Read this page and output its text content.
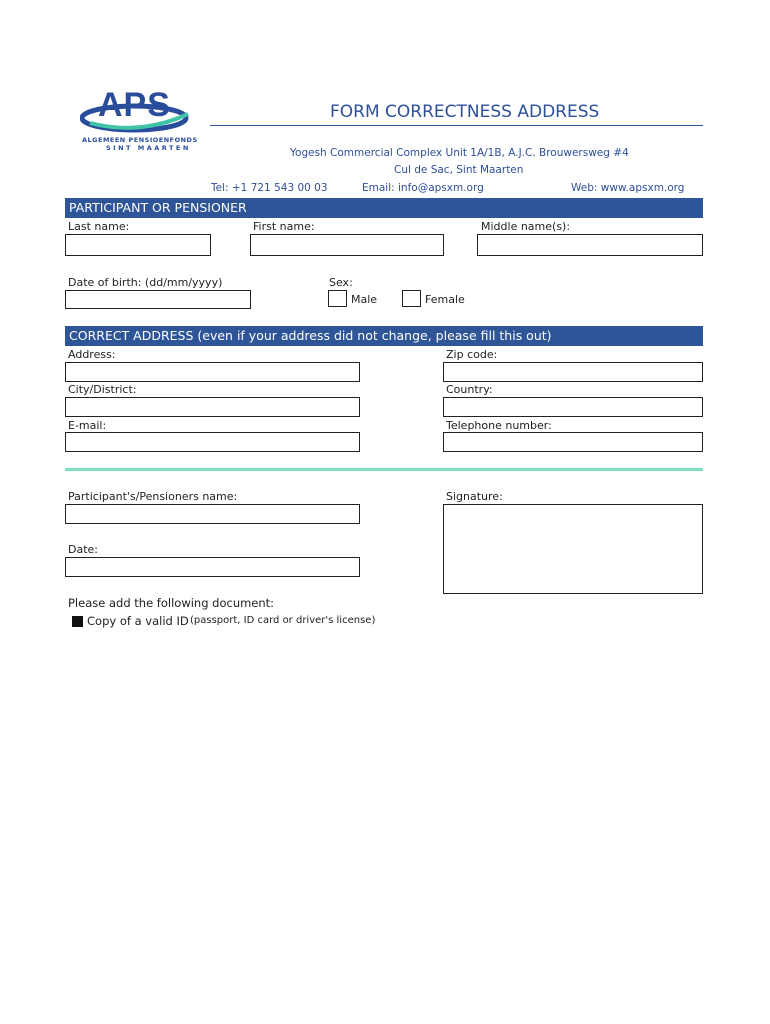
APS
ALGEMEEN PENSIOENFONDS
SINT MAARTEN
FORM CORRECTNESS ADDRESS
Yogesh Commercial Complex Unit 1A/1B, A.J.C. Brouwersweg #4
Cul de Sac, Sint Maarten
Tel: +1 721 543 00 03	Email: info@apsxm.org	Web: www.apsxm.org
PARTICIPANT OR PENSIONER
Last name:	First name:	Middle name(s):
Date of birth: (dd/mm/yyyy)	Sex:
Male	Female
CORRECT ADDRESS (even if your address did not change, please fill this out)
Address:	Zip code:
City/District:	Country:
E-mail:	Telephone number:
Participant's/Pensioners name:	Signature:
Date:
Please add the following document:
Copy of a valid ID (passport, ID card or driver's license)
